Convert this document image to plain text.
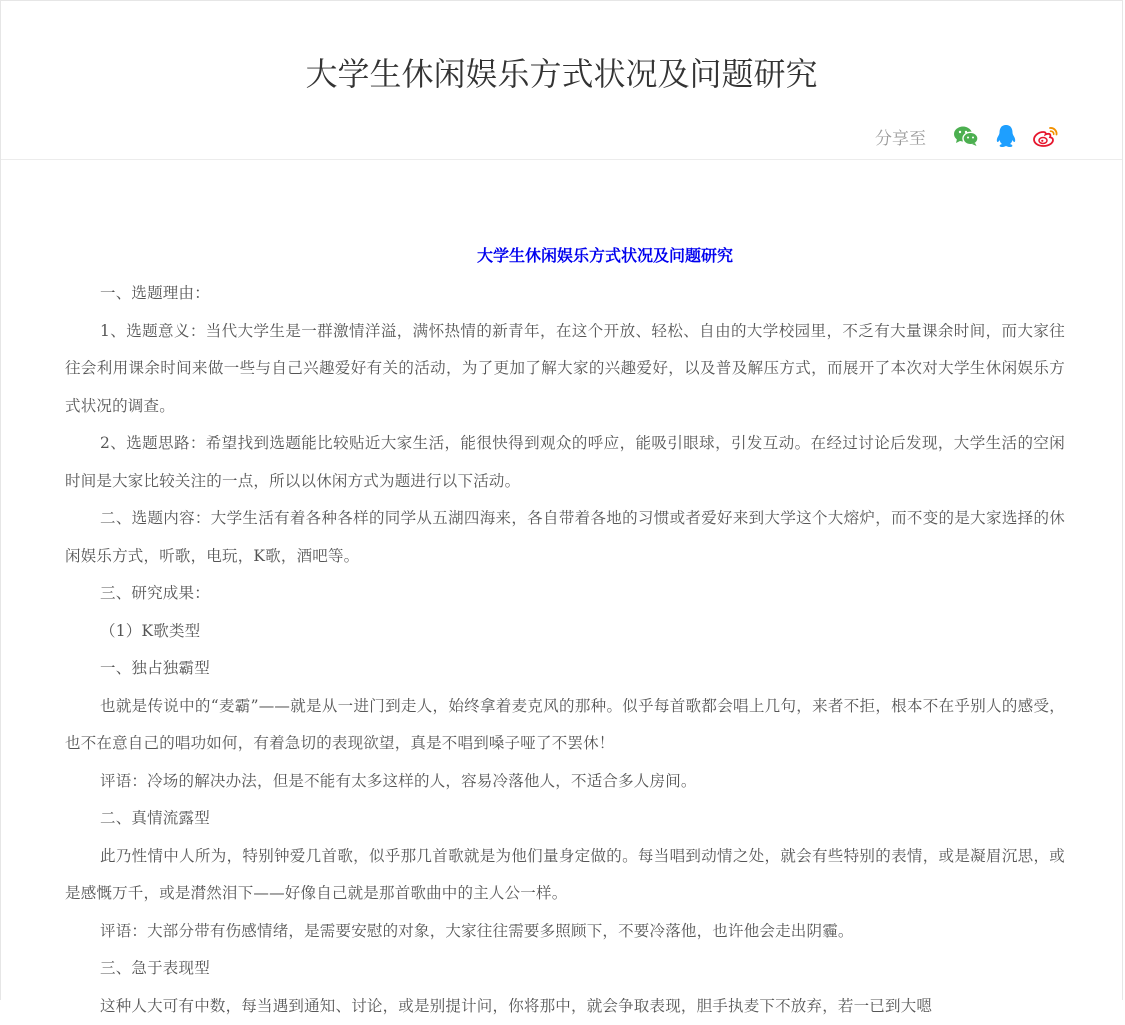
大学生休闲娱乐方式状况及问题研究
分享至
大学生休闲娱乐方式状况及问题研究

一、选题理由：

1、选题意义：当代大学生是一群激情洋溢，满怀热情的新青年，在这个开放、轻松、自由的大学校园里，不乏有大量课余时间，而大家往往会利用课余时间来做一些与自己兴趣爱好有关的活动，为了更加了解大家的兴趣爱好，以及普及解压方式，而展开了本次对大学生休闲娱乐方式状况的调查。

2、选题思路：希望找到选题能比较贴近大家生活，能很快得到观众的呼应，能吸引眼球，引发互动。在经过讨论后发现，大学生活的空闲时间是大家比较关注的一点，所以以休闲方式为题进行以下活动。

二、选题内容：大学生活有着各种各样的同学从五湖四海来，各自带着各地的习惯或者爱好来到大学这个大熔炉，而不变的是大家选择的休闲娱乐方式，听歌，电玩，K歌，酒吧等。

三、研究成果：

（1）K歌类型

一、独占独霸型

也就是传说中的“麦霸”——就是从一进门到走人，始终拿着麦克风的那种。似乎每首歌都会唱上几句，来者不拒，根本不在乎别人的感受，也不在意自己的唱功如何，有着急切的表现欲望，真是不唱到嗓子哑了不罢休！

评语：冷场的解决办法，但是不能有太多这样的人，容易冷落他人，不适合多人房间。

二、真情流露型

此乃性情中人所为，特别钟爱几首歌，似乎那几首歌就是为他们量身定做的。每当唱到动情之处，就会有些特别的表情，或是凝眉沉思，或是感慨万千，或是潸然泪下——好像自己就是那首歌曲中的主人公一样。

评语：大部分带有伤感情绪，是需要安慰的对象，大家往往需要多照顾下，不要冷落他，也许他会走出阴霾。

三、急于表现型

这种人大可有中数，每当遇到通知、讨论，或是别提计问，你将那中，就会争取表现，胆手执麦下不放弃，若一已到大嗯
